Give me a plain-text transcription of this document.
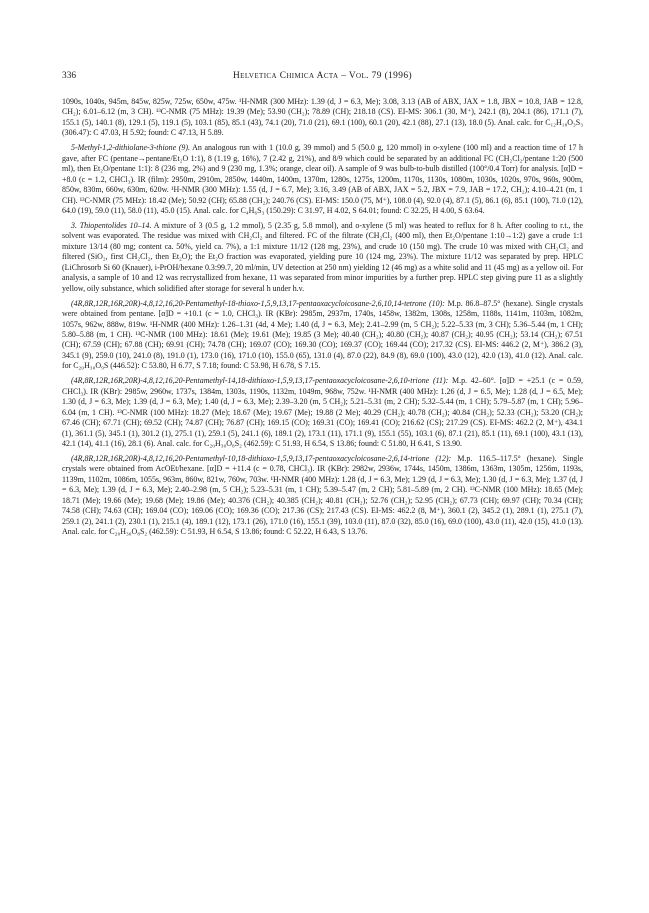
336	Helvetica Chimica Acta – Vol. 79 (1996)

1090s, 1040s, 945m, 845w, 825w, 725w, 650w, 475w. ¹H-NMR (300 MHz): 1.39 (d, J = 6.3, Me); 3.08, 3.13 (AB of ABX, JAX = 1.8, JBX = 10.8, JAB = 12.8, CH₂); 6.01–6.12 (m, 3 CH). ¹³C-NMR (75 MHz): 19.39 (Me); 53.90 (CH₂); 78.89 (CH); 218.18 (CS). EI-MS: 306.1 (30, M⁺), 242.1 (8), 204.1 (86), 171.1 (7), 155.1 (5), 140.1 (8), 129.1 (5), 119.1 (5), 103.1 (85), 85.1 (43), 74.1 (20), 71.0 (21), 69.1 (100), 60.1 (20), 42.1 (88), 27.1 (13), 18.0 (5). Anal. calc. for C₁₂H₁₈O₃S₃ (306.47): C 47.03, H 5.92; found: C 47.13, H 5.89.

5-Methyl-1,2-dithiolane-3-thione (9). An analogous run with 1 (10.0 g, 39 mmol) and 5 (50.0 g, 120 mmol) in o-xylene (100 ml) and a reaction time of 17 h gave, after FC (pentane→pentane/Et₂O 1:1), 8 (1.19 g, 16%), 7 (2.42 g, 21%), and 8/9 which could be separated by an additional FC (CH₂Cl₂/pentane 1:20 (500 ml), then Et₂O/pentane 1:1): 8 (236 mg, 2%) and 9 (230 mg, 1.3%; orange, clear oil). A sample of 9 was bulb-to-bulb distilled (100°/0.4 Torr) for analysis. [α]D = +8.0 (c = 1.2, CHCl₃). IR (film): 2950m, 2910m, 2850w, 1440m, 1400m, 1370m, 1280s, 1275s, 1200m, 1170s, 1130s, 1080m, 1030s, 1020s, 970s, 960s, 900m, 850w, 830m, 660w, 630m, 620w. ¹H-NMR (300 MHz): 1.55 (d, J = 6.7, Me); 3.16, 3.49 (AB of ABX, JAX = 5.2, JBX = 7.9, JAB = 17.2, CH₂); 4.10–4.21 (m, 1 CH). ¹³C-NMR (75 MHz): 18.42 (Me); 50.92 (CH); 65.88 (CH₂); 240.76 (CS). EI-MS: 150.0 (75, M⁺), 108.0 (4), 92.0 (4), 87.1 (5), 86.1 (6), 85.1 (100), 71.0 (12), 64.0 (19), 59.0 (11), 58.0 (11), 45.0 (15). Anal. calc. for C₄H₆S₃ (150.29): C 31.97, H 4.02, S 64.01; found: C 32.25, H 4.00, S 63.64.

3. Thiopentolides 10–14. A mixture of 3 (0.5 g, 1.2 mmol), 5 (2.35 g, 5.8 mmol), and o-xylene (5 ml) was heated to reflux for 8 h. After cooling to r.t., the solvent was evaporated. The residue was mixed with CH₂Cl₂ and filtered. FC of the filtrate (CH₂Cl₂ (400 ml), then Et₂O/pentane 1:10→1:2) gave a crude 1:1 mixture 13/14 (80 mg; content ca. 50%, yield ca. 7%), a 1:1 mixture 11/12 (128 mg, 23%), and crude 10 (150 mg). The crude 10 was mixed with CH₂Cl₂ and filtered (SiO₂, first CH₂Cl₂, then Et₂O); the Et₂O fraction was evaporated, yielding pure 10 (124 mg, 23%). The mixture 11/12 was separated by prep. HPLC (LiChrosorb Si 60 (Knauer), i-PrOH/hexane 0.3:99.7, 20 ml/min, UV detection at 250 nm) yielding 12 (46 mg) as a white solid and 11 (45 mg) as a yellow oil. For analysis, a sample of 10 and 12 was recrystallized from hexane, 11 was separated from minor impurities by a further prep. HPLC step giving pure 11 as a slightly yellow, oily substance, which solidified after storage for several h under h.v.

(4R,8R,12R,16R,20R)-4,8,12,16,20-Pentamethyl-18-thioxo-1,5,9,13,17-pentaoxacycloicosane-2,6,10,14-tetrone (10): M.p. 86.8–87.5° (hexane). Single crystals were obtained from pentane. [α]D = +10.1 (c = 1.0, CHCl₃). IR (KBr): 2985m, 2937m, 1740s, 1458w, 1382m, 1308s, 1258m, 1188s, 1141m, 1103m, 1082m, 1057s, 962w, 888w, 819w. ¹H-NMR (400 MHz): 1.26–1.31 (4d, 4 Me); 1.40 (d, J = 6.3, Me); 2.41–2.99 (m, 5 CH₂); 5.22–5.33 (m, 3 CH); 5.36–5.44 (m, 1 CH); 5.80–5.88 (m, 1 CH). ¹³C-NMR (100 MHz): 18.61 (Me); 19.61 (Me); 19.85 (3 Me); 40.40 (CH₂); 40.80 (CH₂); 40.87 (CH₂); 40.95 (CH₂); 53.14 (CH₂); 67.51 (CH); 67.59 (CH); 67.88 (CH); 69.91 (CH); 74.78 (CH); 169.07 (CO); 169.30 (CO); 169.37 (CO); 169.44 (CO); 217.32 (CS). EI-MS: 446.2 (2, M⁺), 386.2 (3), 345.1 (9), 259.0 (10), 241.0 (8), 191.0 (1), 173.0 (16), 171.0 (10), 155.0 (65), 131.0 (4), 87.0 (22), 84.9 (8), 69.0 (100), 43.0 (12), 42.0 (13), 41.0 (12). Anal. calc. for C₂₀H₃₀O₉S (446.52): C 53.80, H 6.77, S 7.18; found: C 53.98, H 6.78, S 7.15.

(4R,8R,12R,16R,20R)-4,8,12,16,20-Pentamethyl-14,18-dithioxo-1,5,9,13,17-pentaoxacycloicosane-2,6,10-trione (11): M.p. 42–60°. [α]D = +25.1 (c = 0.59, CHCl₃). IR (KBr): 2985w, 2960w, 1737s, 1384m, 1303s, 1190s, 1132m, 1049m, 968w, 752w. ¹H-NMR (400 MHz): 1.26 (d, J = 6.5, Me); 1.28 (d, J = 6.5, Me); 1.30 (d, J = 6.3, Me); 1.39 (d, J = 6.3, Me); 1.40 (d, J = 6.3, Me); 2.39–3.20 (m, 5 CH₂); 5.21–5.31 (m, 2 CH); 5.32–5.44 (m, 1 CH); 5.79–5.87 (m, 1 CH); 5.96–6.04 (m, 1 CH). ¹³C-NMR (100 MHz): 18.27 (Me); 18.67 (Me); 19.67 (Me); 19.88 (2 Me); 40.29 (CH₂); 40.78 (CH₂); 40.84 (CH₂); 52.33 (CH₂); 53.20 (CH₂); 67.46 (CH); 67.71 (CH); 69.52 (CH); 74.87 (CH); 76.87 (CH); 169.15 (CO); 169.31 (CO); 169.41 (CO); 216.62 (CS); 217.29 (CS). EI-MS: 462.2 (2, M⁺), 434.1 (1), 361.1 (5), 345.1 (1), 301.2 (1), 275.1 (1), 259.1 (5), 241.1 (6), 189.1 (2), 173.1 (11), 171.1 (9), 155.1 (55), 103.1 (6), 87.1 (21), 85.1 (11), 69.1 (100), 43.1 (13), 42.1 (14), 41.1 (16), 28.1 (6). Anal. calc. for C₂₀H₃₀O₈S₂ (462.59): C 51.93, H 6.54, S 13.86; found: C 51.80, H 6.41, S 13.90.

(4R,8R,12R,16R,20R)-4,8,12,16,20-Pentamethyl-10,18-dithioxo-1,5,9,13,17-pentaoxacycloicosane-2,6,14-trione (12): M.p. 116.5–117.5° (hexane). Single crystals were obtained from AcOEt/hexane. [α]D = +11.4 (c = 0.78, CHCl₃). IR (KBr): 2982w, 2936w, 1744s, 1450m, 1386m, 1363m, 1305m, 1256m, 1193s, 1139m, 1102m, 1086m, 1055s, 963m, 860w, 821w, 760w, 703w. ¹H-NMR (400 MHz): 1.28 (d, J = 6.3, Me); 1.29 (d, J = 6.3, Me); 1.30 (d, J = 6.3, Me); 1.37 (d, J = 6.3, Me); 1.39 (d, J = 6.3, Me); 2.40–2.98 (m, 5 CH₂); 5.23–5.31 (m, 1 CH); 5.39–5.47 (m, 2 CH); 5.81–5.89 (m, 2 CH). ¹³C-NMR (100 MHz): 18.65 (Me); 18.71 (Me); 19.66 (Me); 19.68 (Me); 19.86 (Me); 40.376 (CH₂); 40.385 (CH₂); 40.81 (CH₂); 52.76 (CH₂); 52.95 (CH₂); 67.73 (CH); 69.97 (CH); 70.34 (CH); 74.58 (CH); 74.63 (CH); 169.04 (CO); 169.06 (CO); 169.36 (CO); 217.36 (CS); 217.43 (CS). EI-MS: 462.2 (8, M⁺), 360.1 (2), 345.2 (1), 289.1 (1), 275.1 (7), 259.1 (2), 241.1 (2), 230.1 (1), 215.1 (4), 189.1 (12), 173.1 (26), 171.0 (16), 155.1 (39), 103.0 (11), 87.0 (32), 85.0 (16), 69.0 (100), 43.0 (11), 42.0 (15), 41.0 (13). Anal. calc. for C₂₀H₃₀O₈S₂ (462.59): C 51.93, H 6.54, S 13.86; found: C 52.22, H 6.43, S 13.76.
